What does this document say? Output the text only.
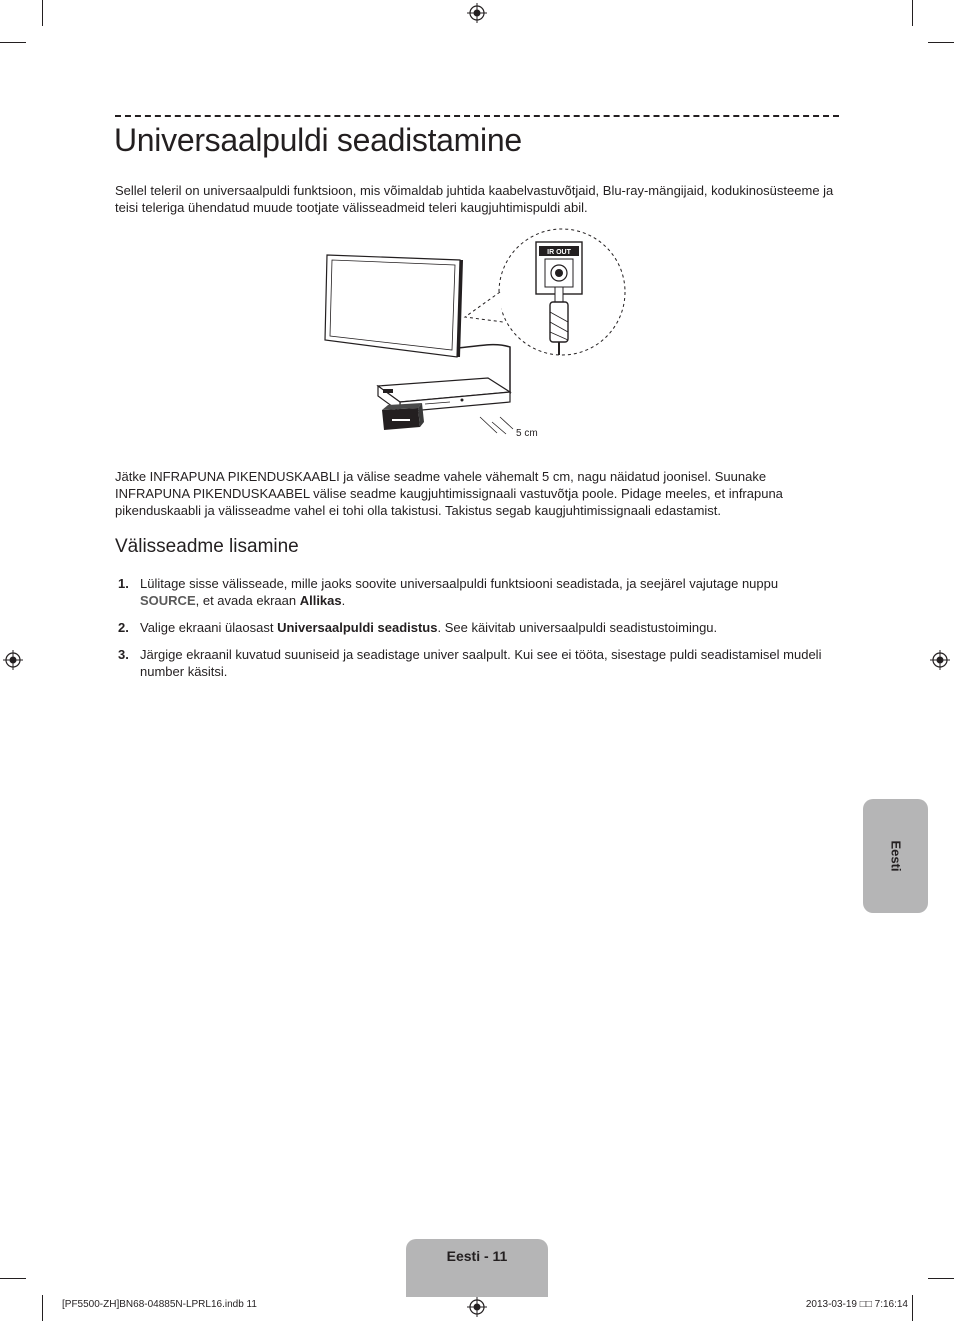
Universaalpuldi seadistamine

Sellel teleril on universaalpuldi funktsioon, mis võimaldab juhtida kaabelvastuvõtjaid, Blu-ray-mängijaid, kodukinosüsteeme ja teisi teleriga ühendatud muude tootjate välisseadmeid teleri kaugjuhtimispuldi abil.

IR OUT
5 cm

Jätke INFRAPUNA PIKENDUSKAABLI ja välise seadme vahele vähemalt 5 cm, nagu näidatud joonisel. Suunake INFRAPUNA PIKENDUSKAABEL välise seadme kaugjuhtimissignaali vastuvõtja poole. Pidage meeles, et infrapuna pikenduskaabli ja välisseadme vahel ei tohi olla takistusi. Takistus segab kaugjuhtimissignaali edastamist.

Välisseadme lisamine
1. Lülitage sisse välisseade, mille jaoks soovite universaalpuldi funktsiooni seadistada, ja seejärel vajutage nuppu SOURCE, et avada ekraan Allikas.
2. Valige ekraani ülaosast Universaalpuldi seadistus. See käivitab universaalpuldi seadistustoimingu.
3. Järgige ekraanil kuvatud suuniseid ja seadistage univer saalpult. Kui see ei tööta, sisestage puldi seadistamisel mudeli number käsitsi.
Eesti
Eesti - 11
[PF5500-ZH]BN68-04885N-LPRL16.indb 11	2013-03-19 □□ 7:16:14
